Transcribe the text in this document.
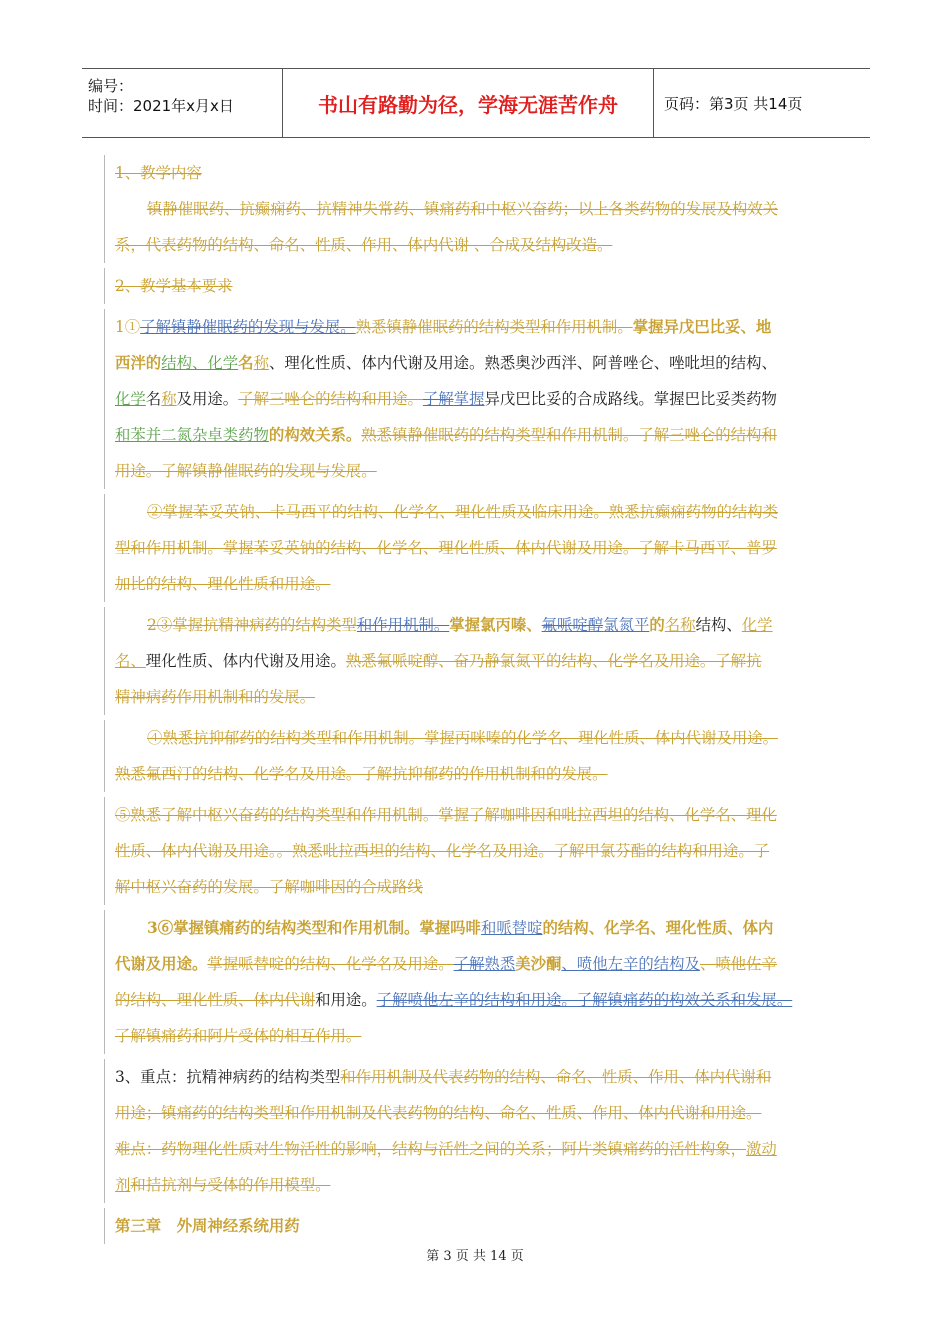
编号：
时间：2021年x月x日	书山有路勤为径，学海无涯苦作舟	页码：第3页 共14页
1、教学内容
镇静催眠药、抗癫痫药、抗精神失常药、镇痛药和中枢兴奋药；以上各类药物的发展及构效关
系，代表药物的结构、命名、性质、作用、体内代谢 、合成及结构改造。
2、教学基本要求
1①了解镇静催眠药的发现与发展。熟悉镇静催眠药的结构类型和作用机制。掌握异戊巴比妥、地
西泮的结构、化学名称、理化性质、体内代谢及用途。熟悉奥沙西泮、阿普唑仑、唑吡坦的结构、
化学名称及用途。了解三唑仑的结构和用途。了解掌握异戊巴比妥的合成路线。掌握巴比妥类药物
和苯并二氮杂卓类药物的构效关系。熟悉镇静催眠药的结构类型和作用机制。了解三唑仑的结构和
用途。了解镇静催眠药的发现与发展。
②掌握苯妥英钠、卡马西平的结构、化学名、理化性质及临床用途。熟悉抗癫痫药物的结构类
型和作用机制。掌握苯妥英钠的结构、化学名、理化性质、体内代谢及用途。了解卡马西平、普罗
加比的结构、理化性质和用途。
2③掌握抗精神病药的结构类型和作用机制。掌握氯丙嗪、氟哌啶醇氯氮平的名称结构、化学
名、理化性质、体内代谢及用途。熟悉氟哌啶醇、奋乃静氯氮平的结构、化学名及用途。了解抗
精神病药作用机制和的发展。
④熟悉抗抑郁药的结构类型和作用机制。掌握丙咪嗪的化学名、理化性质、体内代谢及用途。
熟悉氟西汀的结构、化学名及用途。了解抗抑郁药的作用机制和的发展。
⑤熟悉了解中枢兴奋药的结构类型和作用机制。掌握了解咖啡因和吡拉西坦的结构、化学名、理化
性质、体内代谢及用途。。熟悉吡拉西坦的结构、化学名及用途。了解甲氯芬酯的结构和用途。了
解中枢兴奋药的发展。了解咖啡因的合成路线
3⑥掌握镇痛药的结构类型和作用机制。掌握吗啡和哌替啶的结构、化学名、理化性质、体内
代谢及用途。掌握哌替啶的结构、化学名及用途。了解熟悉美沙酮、喷他左辛的结构及、喷他佐辛
的结构、理化性质、体内代谢和用途。了解喷他左辛的结构和用途。了解镇痛药的构效关系和发展。
了解镇痛药和阿片受体的相互作用。
3、重点：抗精神病药的结构类型和作用机制及代表药物的结构、命名、性质、作用、体内代谢和
用途；镇痛药的结构类型和作用机制及代表药物的结构、命名、性质、作用、体内代谢和用途。
难点：药物理化性质对生物活性的影响，结构与活性之间的关系；阿片类镇痛药的活性构象，激动
剂和拮抗剂与受体的作用模型。
第三章　外周神经系统用药
第 3 页 共 14 页
